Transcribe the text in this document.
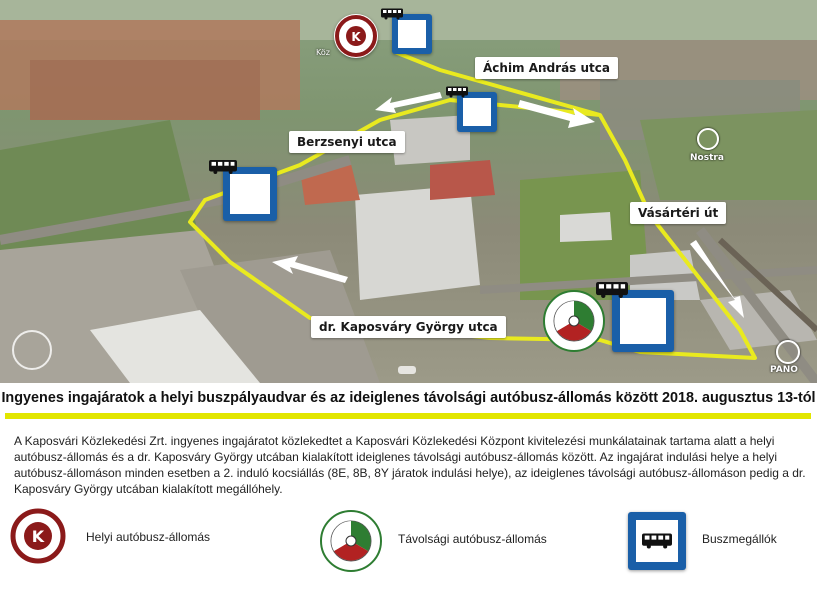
K
Köz
Áchim András utca
Berzsenyi utca
Vásártéri út
dr. Kaposváry György utca
Nostra
PANO
Ingyenes ingajáratok a helyi buszpályaudvar és az ideiglenes távolsági autóbusz-állomás között 2018. augusztus 13-tól
A Kaposvári Közlekedési Zrt. ingyenes ingajáratot közlekedtet a Kaposvári Közlekedési Központ kivitelezési munkálatainak tartama alatt a helyi autóbusz-állomás és a dr. Kaposváry György utcában kialakított ideiglenes távolsági autóbusz-állomás között. Az ingajárat indulási helye a helyi autóbusz-állomáson minden esetben a 2. induló kocsiállás (8E, 8B, 8Y járatok indulási helye), az ideiglenes távolsági autóbusz-állomáson pedig a dr. Kaposváry György utcában kialakított megállóhely.
K	Helyi autóbusz-állomás	Távolsági autóbusz-állomás	Buszmegállók
